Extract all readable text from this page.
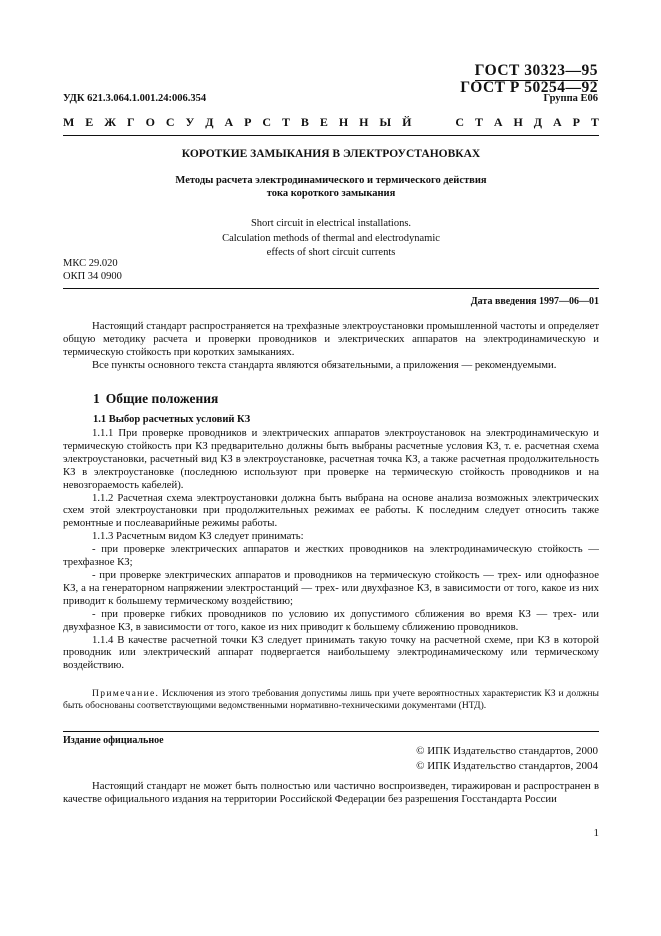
ГОСТ 30323—95
ГОСТ Р 50254—92
УДК 621.3.064.1.001.24:006.354	Группа Е06
М Е Ж Г О С У Д А Р С Т В Е Н Н Ы Й	С Т А Н Д А Р Т
КОРОТКИЕ ЗАМЫКАНИЯ В ЭЛЕКТРОУСТАНОВКАХ
Методы расчета электродинамического и термического действия
тока короткого замыкания
Short circuit in electrical installations.
Calculation methods of thermal and electrodynamic
effects of short circuit currents
МКС 29.020
ОКП 34 0900
Дата введения 1997—06—01

Настоящий стандарт распространяется на трехфазные электроустановки промышленной частоты и определяет общую методику расчета и проверки проводников и электрических аппаратов на электродинамическую и термическую стойкость при коротких замыканиях.

Все пункты основного текста стандарта являются обязательными, а приложения — рекомендуемыми.

1 Общие положения
1.1 Выбор расчетных условий КЗ

1.1.1 При проверке проводников и электрических аппаратов электроустановок на электродинамическую и термическую стойкость при КЗ предварительно должны быть выбраны расчетные условия КЗ, т. е. расчетная схема электроустановки, расчетный вид КЗ в электроустановке, расчетная точка КЗ, а также расчетная продолжительность КЗ в электроустановке (последнюю используют при проверке на термическую стойкость проводников и на невозгораемость кабелей).

1.1.2 Расчетная схема электроустановки должна быть выбрана на основе анализа возможных электрических схем этой электроустановки при продолжительных режимах ее работы. К последним следует относить также ремонтные и послеаварийные режимы работы.

1.1.3 Расчетным видом КЗ следует принимать:

- при проверке электрических аппаратов и жестких проводников на электродинамическую стойкость — трехфазное КЗ;

- при проверке электрических аппаратов и проводников на термическую стойкость — трех- или однофазное КЗ, а на генераторном напряжении электростанций — трех- или двухфазное КЗ, в зависимости от того, какое из них приводит к большему термическому воздействию;

- при проверке гибких проводников по условию их допустимого сближения во время КЗ — трех- или двухфазное КЗ, в зависимости от того, какое из них приводит к большему сближению проводников.

1.1.4 В качестве расчетной точки КЗ следует принимать такую точку на расчетной схеме, при КЗ в которой проводник или электрический аппарат подвергается наибольшему электродинамическому или термическому воздействию.

Примечание. Исключения из этого требования допустимы лишь при учете вероятностных характеристик КЗ и должны быть обоснованы соответствующими ведомственными нормативно-техническими документами (НТД).
Издание официальное
© ИПК Издательство стандартов, 2000
© ИПК Издательство стандартов, 2004

Настоящий стандарт не может быть полностью или частично воспроизведен, тиражирован и распространен в качестве официального издания на территории Российской Федерации без разрешения Госстандарта России

1
